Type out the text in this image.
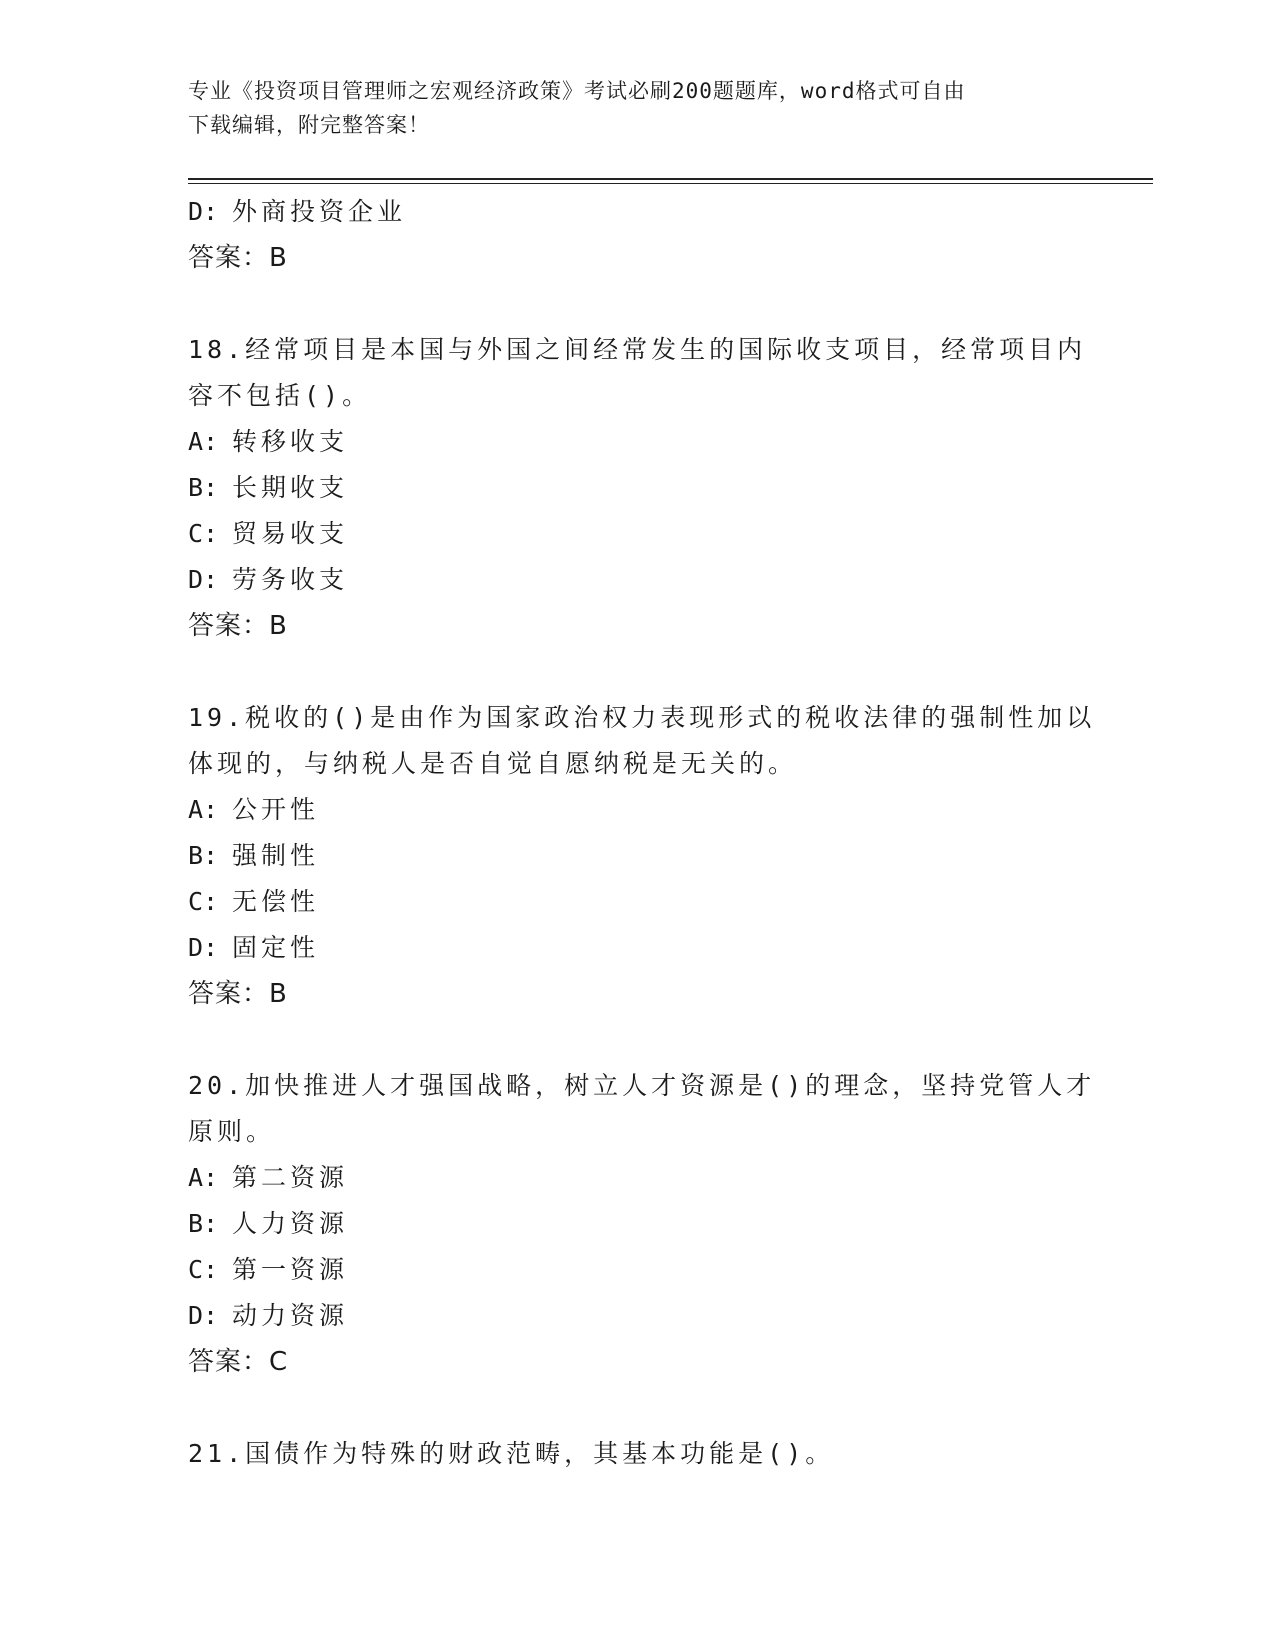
专业《投资项目管理师之宏观经济政策》考试必刷200题题库，word格式可自由
下载编辑，附完整答案！
D: 外商投资企业
答案：B
18.经常项目是本国与外国之间经常发生的国际收支项目，经常项目内
容不包括()。
A: 转移收支
B: 长期收支
C: 贸易收支
D: 劳务收支
答案：B
19.税收的()是由作为国家政治权力表现形式的税收法律的强制性加以
体现的，与纳税人是否自觉自愿纳税是无关的。
A: 公开性
B: 强制性
C: 无偿性
D: 固定性
答案：B
20.加快推进人才强国战略，树立人才资源是()的理念，坚持党管人才
原则。
A: 第二资源
B: 人力资源
C: 第一资源
D: 动力资源
答案：C
21.国债作为特殊的财政范畴，其基本功能是()。
